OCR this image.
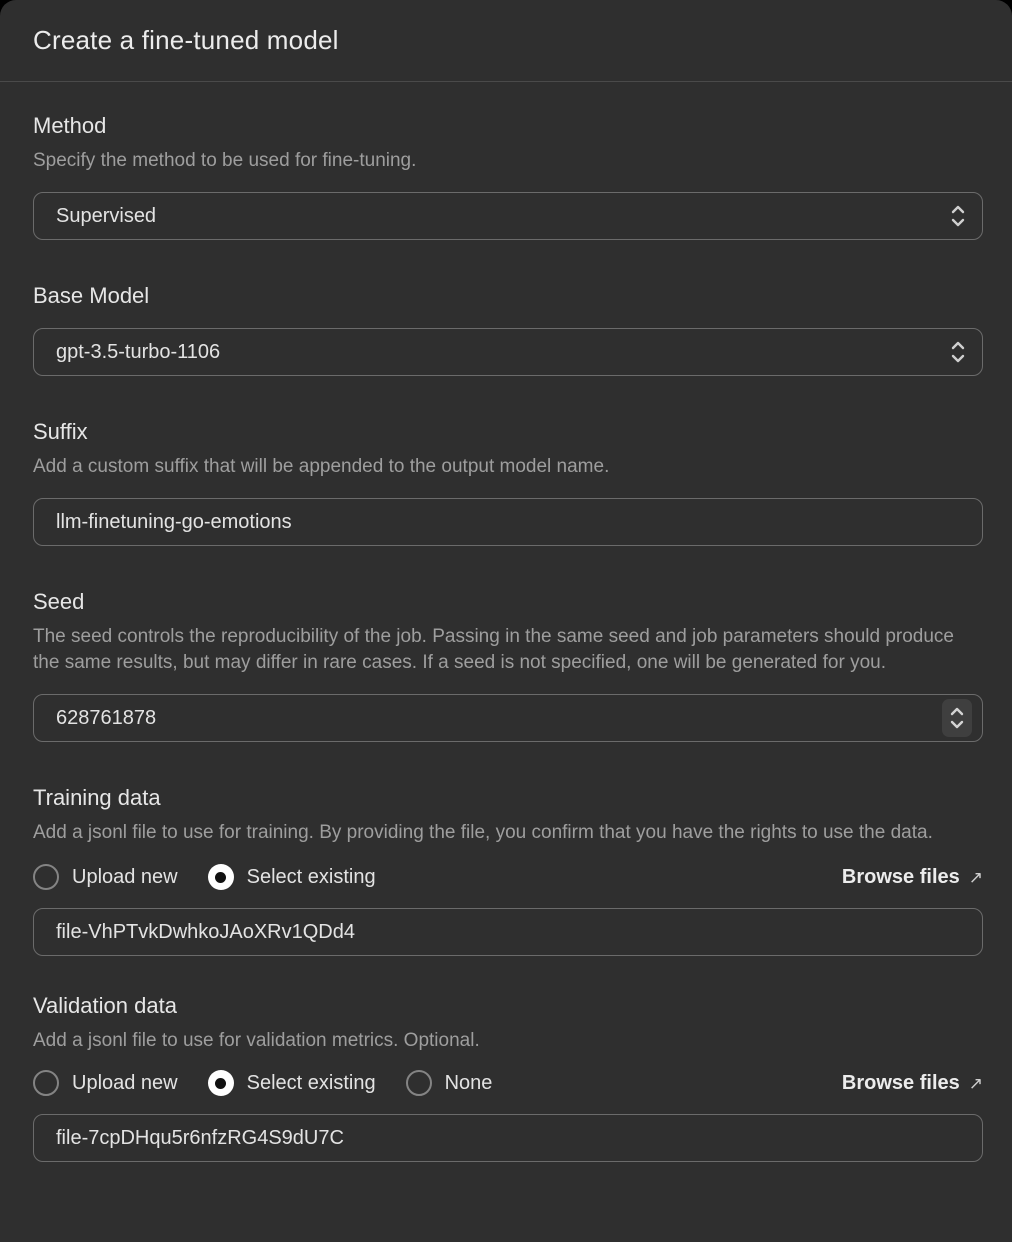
Create a fine-tuned model
Method
Specify the method to be used for fine-tuning.
Supervised
Base Model
gpt-3.5-turbo-1106
Suffix
Add a custom suffix that will be appended to the output model name.
llm-finetuning-go-emotions
Seed
The seed controls the reproducibility of the job. Passing in the same seed and job parameters should produce the same results, but may differ in rare cases. If a seed is not specified, one will be generated for you.
628761878
Training data
Add a jsonl file to use for training. By providing the file, you confirm that you have the rights to use the data.
Upload new	Select existing	Browse files ↗
file-VhPTvkDwhkoJAoXRv1QDd4
Validation data
Add a jsonl file to use for validation metrics. Optional.
Upload new	Select existing	None	Browse files ↗
file-7cpDHqu5r6nfzRG4S9dU7C
